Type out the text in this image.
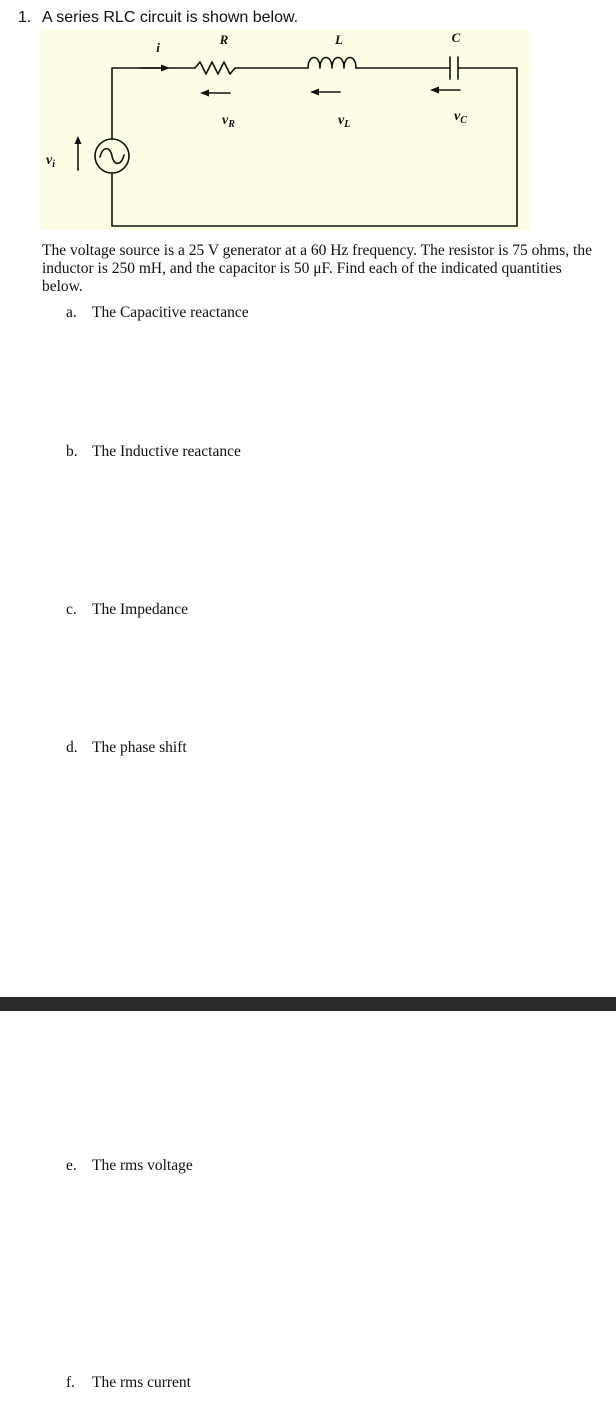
1. A series RLC circuit is shown below.
i
R	L	C
$v_R$	$v_L$
$v_C$
$v_i$
The voltage source is a 25 V generator at a 60 Hz frequency. The resistor is 75 ohms, the inductor is 250 mH, and the capacitor is 50 μF. Find each of the indicated quantities below.
a. The Capacitive reactance
b. The Inductive reactance
c. The Impedance
d. The phase shift
e. The rms voltage
f. The rms current
